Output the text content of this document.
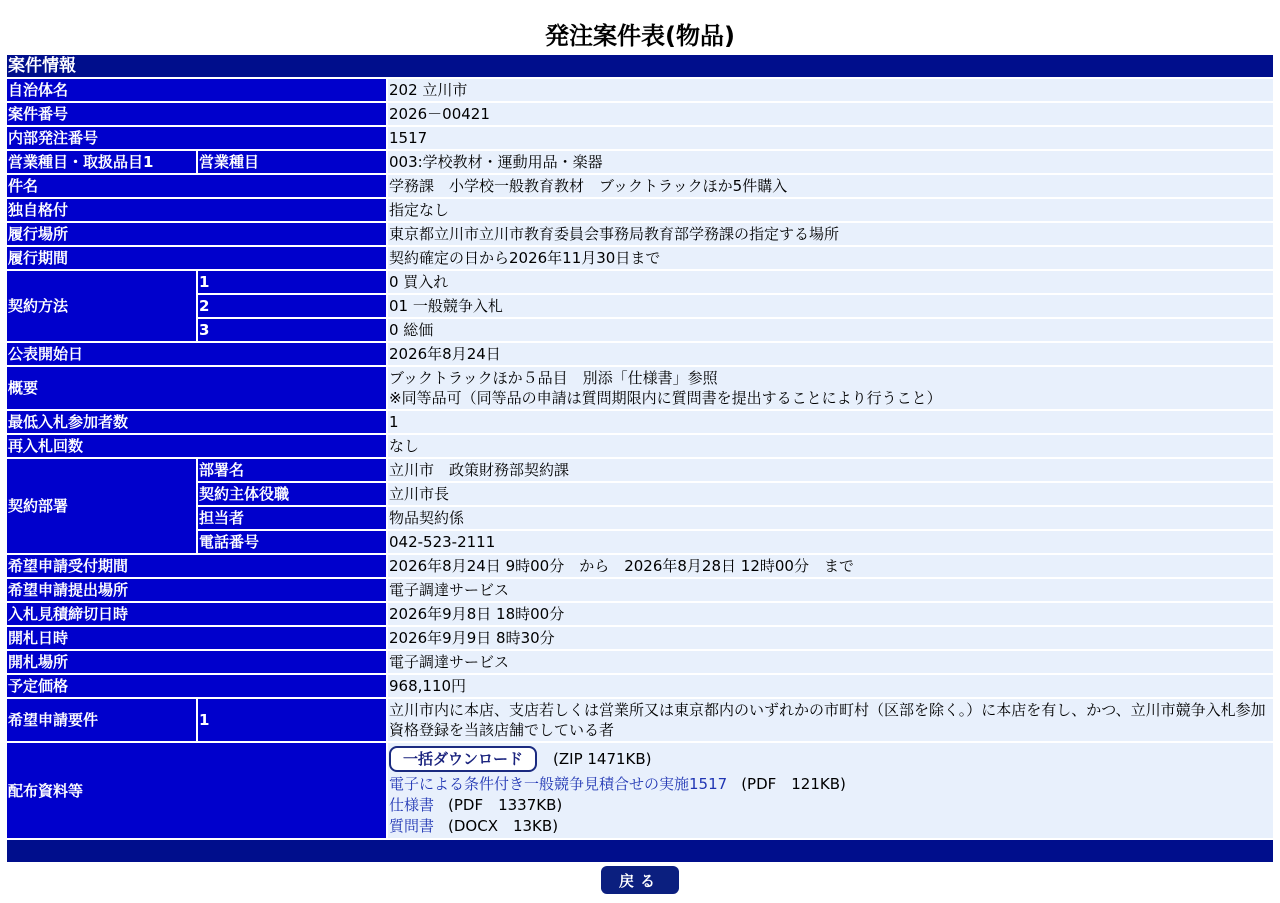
発注案件表(物品)
案件情報		
自治体名		202 立川市
案件番号		2026－00421
内部発注番号		1517
営業種目・取扱品目1	営業種目	003:学校教材・運動用品・楽器
件名		学務課　小学校一般教育教材　ブックトラックほか5件購入
独自格付		指定なし
履行場所		東京都立川市立川市教育委員会事務局教育部学務課の指定する場所
履行期間		契約確定の日から2026年11月30日まで
契約方法	1	0 買入れ
	2	01 一般競争入札
	3	0 総価
公表開始日		2026年8月24日
概要		ブックトラックほか５品目　別添「仕様書」参照
※同等品可（同等品の申請は質問期限内に質問書を提出することにより行うこと）

最低入札参加者数		1
再入札回数		なし
契約部署	部署名	立川市　政策財務部契約課
	契約主体役職	立川市長
	担当者	物品契約係
	電話番号	042-523-2111
希望申請受付期間		2026年8月24日 9時00分　から　2026年8月28日 12時00分　まで
希望申請提出場所		電子調達サービス
入札見積締切日時		2026年9月8日 18時00分
開札日時		2026年9月9日 8時30分
開札場所		電子調達サービス
予定価格		968,110円
希望申請要件	1	立川市内に本店、支店若しくは営業所又は東京都内のいずれかの市町村（区部を除く。）に本店を有し、かつ、立川市競争入札参加資格登録を当該店舗でしている者
配布資料等		一括ダウンロード (ZIP 1471KB)
電子による条件付き一般競争見積合せの実施1517 (PDF　121KB)
仕様書 (PDF　1337KB)
質問書 (DOCX　13KB)

戻る
